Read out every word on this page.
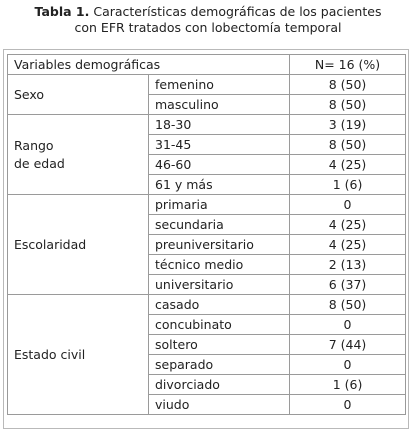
Tabla 1. Características demográficas de los pacientes
con EFR tratados con lobectomía temporal
Variables demográficas		N= 16 (%)

Sexo	femenino	8 (50)
	masculino	8 (50)

Rango
de edad	18-30	3 (19)
	31-45	8 (50)
	46-60	4 (25)
	61 y más	1 (6)

Escolaridad	primaria	0
	secundaria	4 (25)
	preuniversitario	4 (25)
	técnico medio	2 (13)
	universitario	6 (37)

Estado civil	casado	8 (50)
	concubinato	0
	soltero	7 (44)
	separado	0
	divorciado	1 (6)
	viudo	0
